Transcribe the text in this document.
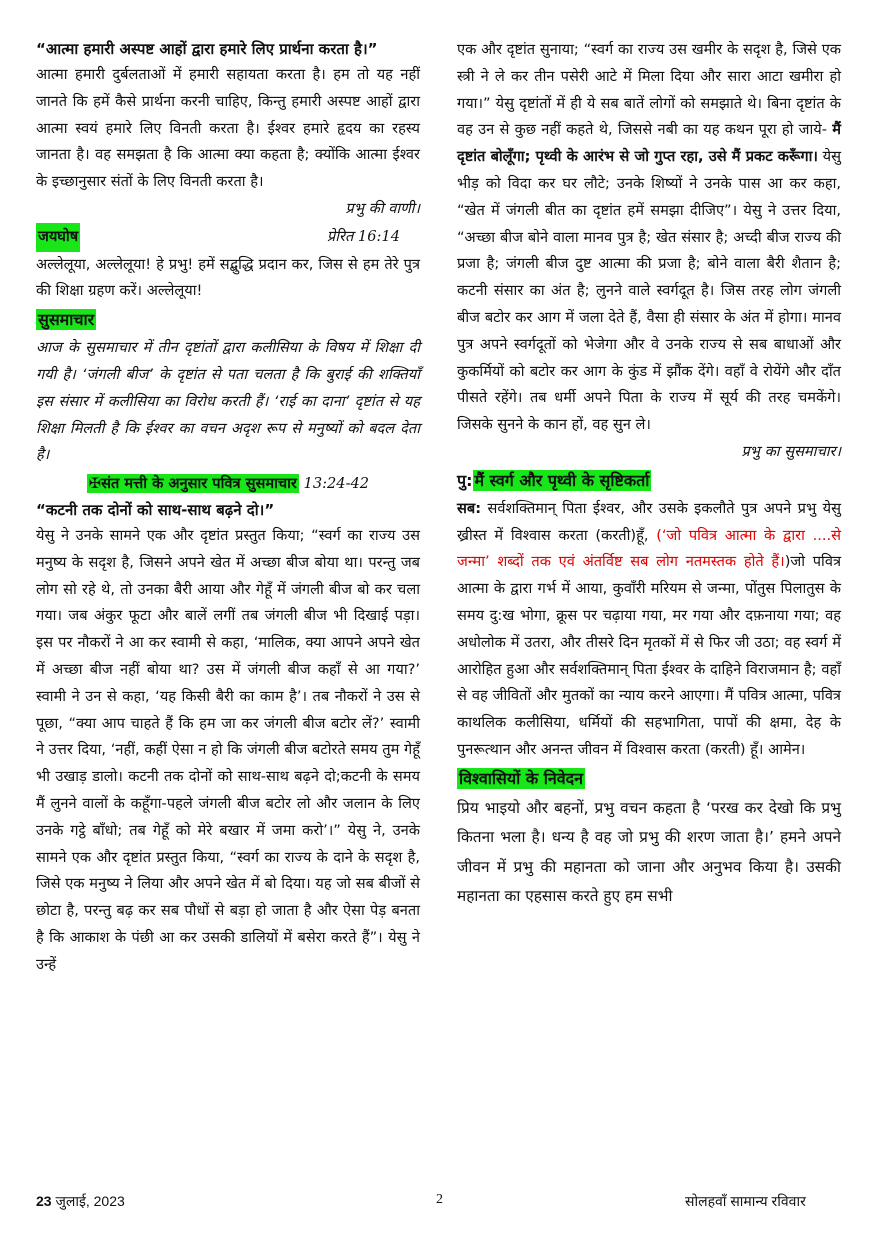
“आत्मा हमारी अस्पष्ट आहों द्वारा हमारे लिए प्रार्थना करता है।”

आत्मा हमारी दुर्बलताओं में हमारी सहायता करता है। हम तो यह नहीं जानते कि हमें कैसे प्रार्थना करनी चाहिए, किन्तु हमारी अस्पष्ट आहों द्वारा आत्मा स्वयं हमारे लिए विनती करता है। ईश्वर हमारे हृदय का रहस्य जानता है। वह समझता है कि आत्मा क्या कहता है; क्योंकि आत्मा ईश्वर के इच्छानुसार संतों के लिए विनती करता है।

प्रभु की वाणी।

जयघोष	प्रेरित 16:14

अल्लेलूया, अल्लेलूया! हे प्रभु! हमें सद्बुद्धि प्रदान कर, जिस से हम तेरे पुत्र की शिक्षा ग्रहण करें। अल्लेलूया!

सुसमाचार

आज के सुसमाचार में तीन दृष्टांतों द्वारा कलीसिया के विषय में शिक्षा दी गयी है। ‘जंगली बीज’ के दृष्टांत से पता चलता है कि बुराई की शक्तियाँ इस संसार में कलीसिया का विरोध करती हैं। ‘राई का दाना’ दृष्टांत से यह शिक्षा मिलती है कि ईश्वर का वचन अदृश रूप से मनुष्यों को बदल देता है।

✠संत मत्ती के अनुसार पवित्र सुसमाचार 13:24-42

“कटनी तक दोनों को साथ-साथ बढ़ने दो।”

येसु ने उनके सामने एक और दृष्टांत प्रस्तुत किया; “स्वर्ग का राज्य उस मनुष्य के सदृश है, जिसने अपने खेत में अच्छा बीज बोया था। परन्तु जब लोग सो रहे थे, तो उनका बैरी आया और गेहूँ में जंगली बीज बो कर चला गया। जब अंकुर फूटा और बालें लगीं तब जंगली बीज भी दिखाई पड़ा। इस पर नौकरों ने आ कर स्वामी से कहा, ‘मालिक, क्या आपने अपने खेत में अच्छा बीज नहीं बोया था? उस में जंगली बीज कहाँ से आ गया?’ स्वामी ने उन से कहा, ‘यह किसी बैरी का काम है’। तब नौकरों ने उस से पूछा, “क्या आप चाहते हैं कि हम जा कर जंगली बीज बटोर लें?’ स्वामी ने उत्तर दिया, ‘नहीं, कहीं ऐसा न हो कि जंगली बीज बटोरते समय तुम गेहूँ भी उखाड़ डालो। कटनी तक दोनों को साथ-साथ बढ़ने दो;कटनी के समय मैं लुनने वालों के कहूँगा-पहले जंगली बीज बटोर लो और जलान के लिए उनके गट्ठे बाँधो; तब गेहूँ को मेरे बखार में जमा करो’।” येसु ने, उनके सामने एक और दृष्टांत प्रस्तुत किया, “स्वर्ग का राज्य के दाने के सदृश है, जिसे एक मनुष्य ने लिया और अपने खेत में बो दिया। यह जो सब बीजों से छोटा है, परन्तु बढ़ कर सब पौधों से बड़ा हो जाता है और ऐसा पेड़ बनता है कि आकाश के पंछी आ कर उसकी डालियों में बसेरा करते हैं”। येसु ने उन्हें

एक और दृष्टांत सुनाया; “स्वर्ग का राज्य उस खमीर के सदृश है, जिसे एक स्त्री ने ले कर तीन पसेरी आटे में मिला दिया और सारा आटा खमीरा हो गया।” येसु दृष्टांतों में ही ये सब बातें लोगों को समझाते थे। बिना दृष्टांत के वह उन से कुछ नहीं कहते थे, जिससे नबी का यह कथन पूरा हो जाये- मैं दृष्टांत बोलूँगा; पृथ्वी के आरंभ से जो गुप्त रहा, उसे मैं प्रकट करूँगा। येसु भीड़ को विदा कर घर लौटे; उनके शिष्यों ने उनके पास आ कर कहा, “खेत में जंगली बीत का दृष्टांत हमें समझा दीजिए”। येसु ने उत्तर दिया, “अच्छा बीज बोने वाला मानव पुत्र है; खेत संसार है; अच्दी बीज राज्य की प्रजा है; जंगली बीज दुष्ट आत्मा की प्रजा है; बोने वाला बैरी शैतान है; कटनी संसार का अंत है; लुनने वाले स्वर्गदूत है। जिस तरह लोग जंगली बीज बटोर कर आग में जला देते हैं, वैसा ही संसार के अंत में होगा। मानव पुत्र अपने स्वर्गदूतों को भेजेगा और वे उनके राज्य से सब बाधाओं और कुकर्मियों को बटोर कर आग के कुंड में झौंक देंगे। वहाँ वे रोयेंगे और दाँत पीसते रहेंगे। तब धर्मी अपने पिता के राज्य में सूर्य की तरह चमकेंगे। जिसके सुनने के कान हों, वह सुन ले।

प्रभु का सुसमाचार।

पु: मैं स्वर्ग और पृथ्वी के सृष्टिकर्ता

सब: सर्वशक्तिमान् पिता ईश्वर, और उसके इकलौते पुत्र अपने प्रभु येसु ख्रीस्त में विश्वास करता (करती)हूँ, (‘जो पवित्र आत्मा के द्वारा ....से जन्मा’ शब्दों तक एवं अंतर्विष्ट सब लोग नतमस्तक होते हैं।)जो पवित्र आत्मा के द्वारा गर्भ में आया, कुवाँरी मरियम से जन्मा, पोंतुस पिलातुस के समय दु:ख भोगा, क्रूस पर चढ़ाया गया, मर गया और दफ़नाया गया; वह अधोलोक में उतरा, और तीसरे दिन मृतकों में से फिर जी उठा; वह स्वर्ग में आरोहित हुआ और सर्वशक्तिमान् पिता ईश्वर के दाहिने विराजमान है; वहाँ से वह जीवितों और मुतकों का न्याय करने आएगा। मैं पवित्र आत्मा, पवित्र काथलिक कलीसिया, धर्मियों की सहभागिता, पापों की क्षमा, देह के पुनरूत्थान और अनन्त जीवन में विश्वास करता (करती) हूँ। आमेन।

विश्वासियों के निवेदन

प्रिय भाइयो और बहनों, प्रभु वचन कहता है ‘परख कर देखो कि प्रभु कितना भला है। धन्य है वह जो प्रभु की शरण जाता है।’ हमने अपने जीवन में प्रभु की महानता को जाना और अनुभव किया है। उसकी महानता का एहसास करते हुए हम सभी

23 जुलाई, 2023	2	सोलहवाँ सामान्य रविवार
